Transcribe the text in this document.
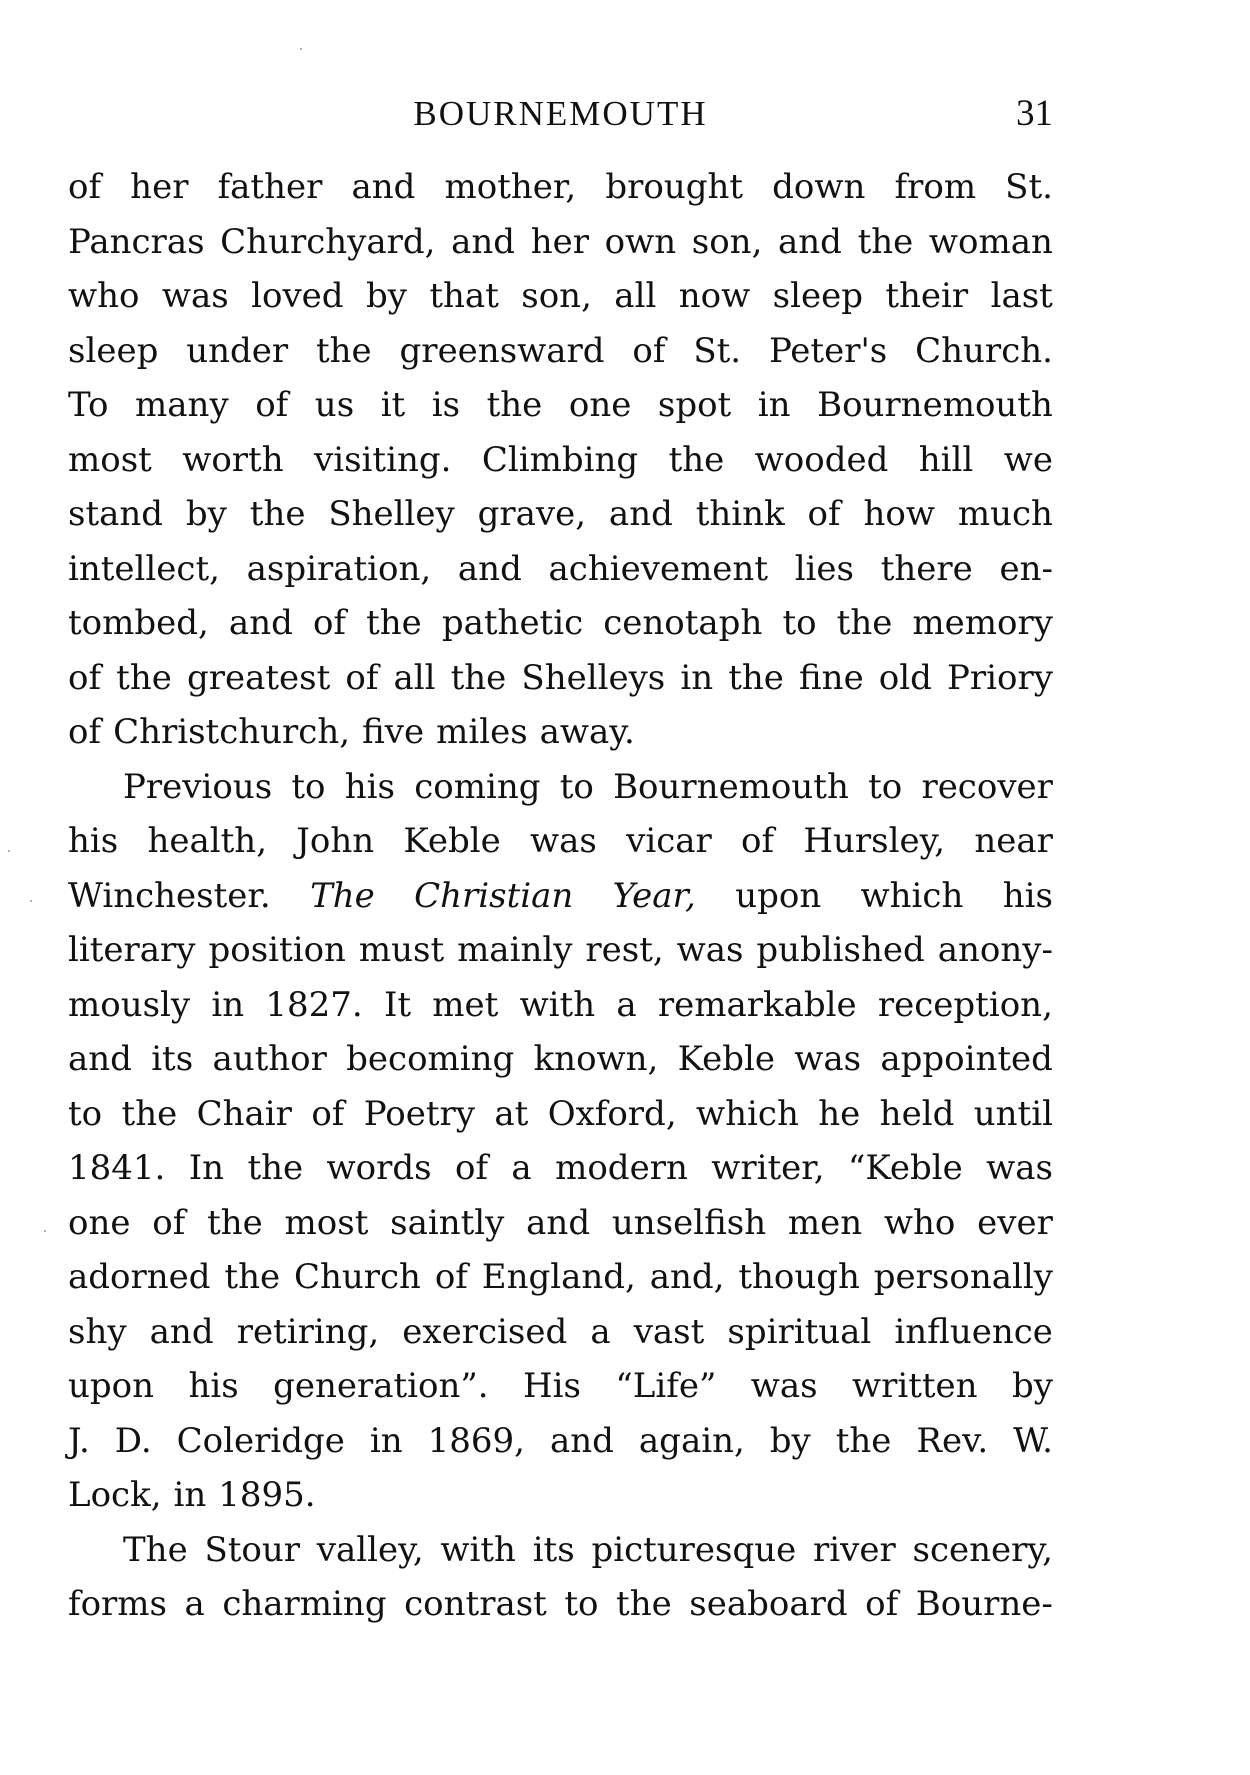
BOURNEMOUTH	31
of her father and mother, brought down from St.
Pancras Churchyard, and her own son, and the woman
who was loved by that son, all now sleep their last
sleep under the greensward of St. Peter's Church.
To many of us it is the one spot in Bournemouth
most worth visiting. Climbing the wooded hill we
stand by the Shelley grave, and think of how much
intellect, aspiration, and achievement lies there en-
tombed, and of the pathetic cenotaph to the memory
of the greatest of all the Shelleys in the fine old Priory
of Christchurch, five miles away.
Previous to his coming to Bournemouth to recover
his health, John Keble was vicar of Hursley, near
Winchester. The Christian Year, upon which his
literary position must mainly rest, was published anony-
mously in 1827. It met with a remarkable reception,
and its author becoming known, Keble was appointed
to the Chair of Poetry at Oxford, which he held until
1841. In the words of a modern writer, “Keble was
one of the most saintly and unselfish men who ever
adorned the Church of England, and, though personally
shy and retiring, exercised a vast spiritual influence
upon his generation”. His “Life” was written by
J. D. Coleridge in 1869, and again, by the Rev. W.
Lock, in 1895.
The Stour valley, with its picturesque river scenery,
forms a charming contrast to the seaboard of Bourne-
